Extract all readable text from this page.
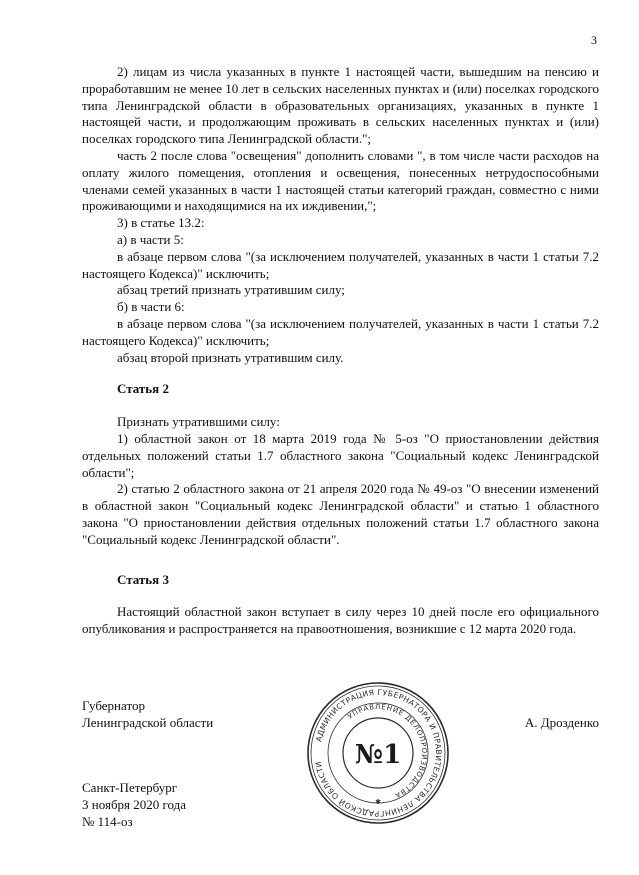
3

2) лицам из числа указанных в пункте 1 настоящей части, вышедшим на пенсию и проработавшим не менее 10 лет в сельских населенных пунктах и (или) поселках городского типа Ленинградской области в образовательных организациях, указанных в пункте 1 настоящей части, и продолжающим проживать в сельских населенных пунктах и (или) поселках городского типа Ленинградской области.";

часть 2 после слова "освещения" дополнить словами ", в том числе части расходов на оплату жилого помещения, отопления и освещения, понесенных нетрудоспособными членами семей указанных в части 1 настоящей статьи категорий граждан, совместно с ними проживающими и находящимися на их иждивении,";

3) в статье 13.2:

а) в части 5:

в абзаце первом слова "(за исключением получателей, указанных в части 1 статьи 7.2 настоящего Кодекса)" исключить;

абзац третий признать утратившим силу;

б) в части 6:

в абзаце первом слова "(за исключением получателей, указанных в части 1 статьи 7.2 настоящего Кодекса)" исключить;

абзац второй признать утратившим силу.

Статья 2

Признать утратившими силу:

1) областной закон от 18 марта 2019 года № 5-оз "О приостановлении действия отдельных положений статьи 1.7 областного закона "Социальный кодекс Ленинградской области";

2) статью 2 областного закона от 21 апреля 2020 года № 49-оз "О внесении изменений в областной закон "Социальный кодекс Ленинградской области" и статью 1 областного закона "О приостановлении действия отдельных положений статьи 1.7 областного закона "Социальный кодекс Ленинградской области".

Статья 3

Настоящий областной закон вступает в силу через 10 дней после его официального опубликования и распространяется на правоотношения, возникшие с 12 марта 2020 года.

Губернатор
Ленинградской области	А. Дрозденко
АДМИНИСТРАЦИЯ ГУБЕРНАТОРА И ПРАВИТЕЛЬСТВА ЛЕНИНГРАДСКОЙ ОБЛАСТИ
УПРАВЛЕНИЕ ДЕЛОПРОИЗВОДСТВА
№1
✱
Санкт-Петербург
3 ноября 2020 года
№ 114-оз
